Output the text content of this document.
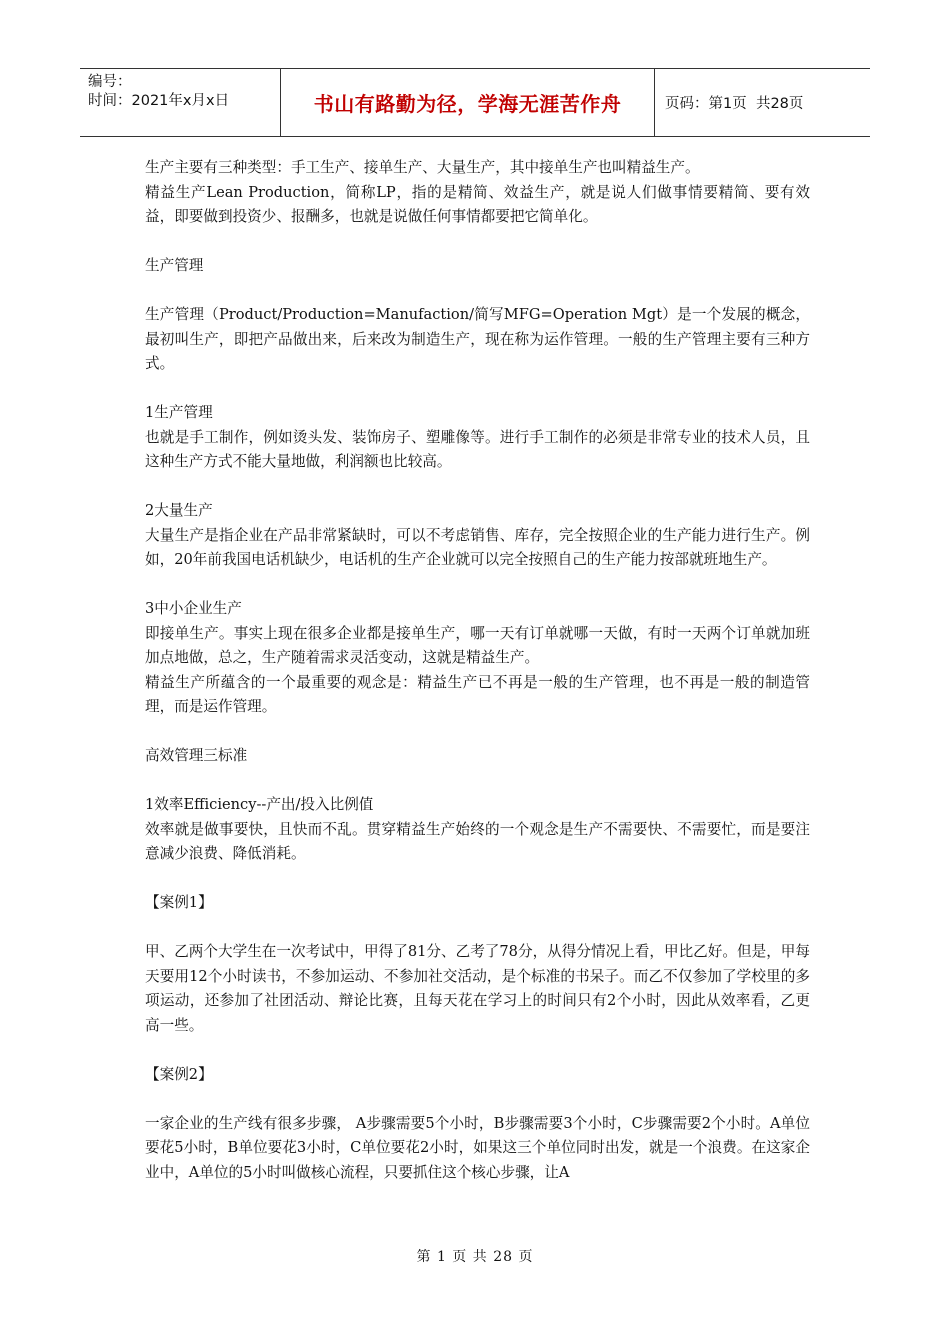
编号：
时间：2021年x月x日	书山有路勤为径，学海无涯苦作舟	页码：第1页  共28页

生产主要有三种类型：手工生产、接单生产、大量生产，其中接单生产也叫精益生产。

精益生产Lean Production，简称LP，指的是精简、效益生产，就是说人们做事情要精简、要有效益，即要做到投资少、报酬多，也就是说做任何事情都要把它简单化。

生产管理

生产管理（Product/Production=Manufaction/简写MFG=Operation Mgt）是一个发展的概念，最初叫生产，即把产品做出来，后来改为制造生产，现在称为运作管理。一般的生产管理主要有三种方式。

1生产管理

也就是手工制作，例如烫头发、装饰房子、塑雕像等。进行手工制作的必须是非常专业的技术人员，且这种生产方式不能大量地做，利润额也比较高。

2大量生产

大量生产是指企业在产品非常紧缺时，可以不考虑销售、库存，完全按照企业的生产能力进行生产。例如，20年前我国电话机缺少，电话机的生产企业就可以完全按照自己的生产能力按部就班地生产。

3中小企业生产

即接单生产。事实上现在很多企业都是接单生产，哪一天有订单就哪一天做，有时一天两个订单就加班加点地做，总之，生产随着需求灵活变动，这就是精益生产。

精益生产所蕴含的一个最重要的观念是：精益生产已不再是一般的生产管理，也不再是一般的制造管理，而是运作管理。

高效管理三标准

1效率Efficiency--产出/投入比例值

效率就是做事要快，且快而不乱。贯穿精益生产始终的一个观念是生产不需要快、不需要忙，而是要注意减少浪费、降低消耗。

【案例1】

甲、乙两个大学生在一次考试中，甲得了81分、乙考了78分，从得分情况上看，甲比乙好。但是，甲每天要用12个小时读书，不参加运动、不参加社交活动，是个标准的书呆子。而乙不仅参加了学校里的多项运动，还参加了社团活动、辩论比赛，且每天花在学习上的时间只有2个小时，因此从效率看，乙更高一些。

【案例2】

一家企业的生产线有很多步骤， A步骤需要5个小时，B步骤需要3个小时，C步骤需要2个小时。A单位要花5小时，B单位要花3小时，C单位要花2小时，如果这三个单位同时出发，就是一个浪费。在这家企业中，A单位的5小时叫做核心流程，只要抓住这个核心步骤，让A

第 1 页 共 28 页
